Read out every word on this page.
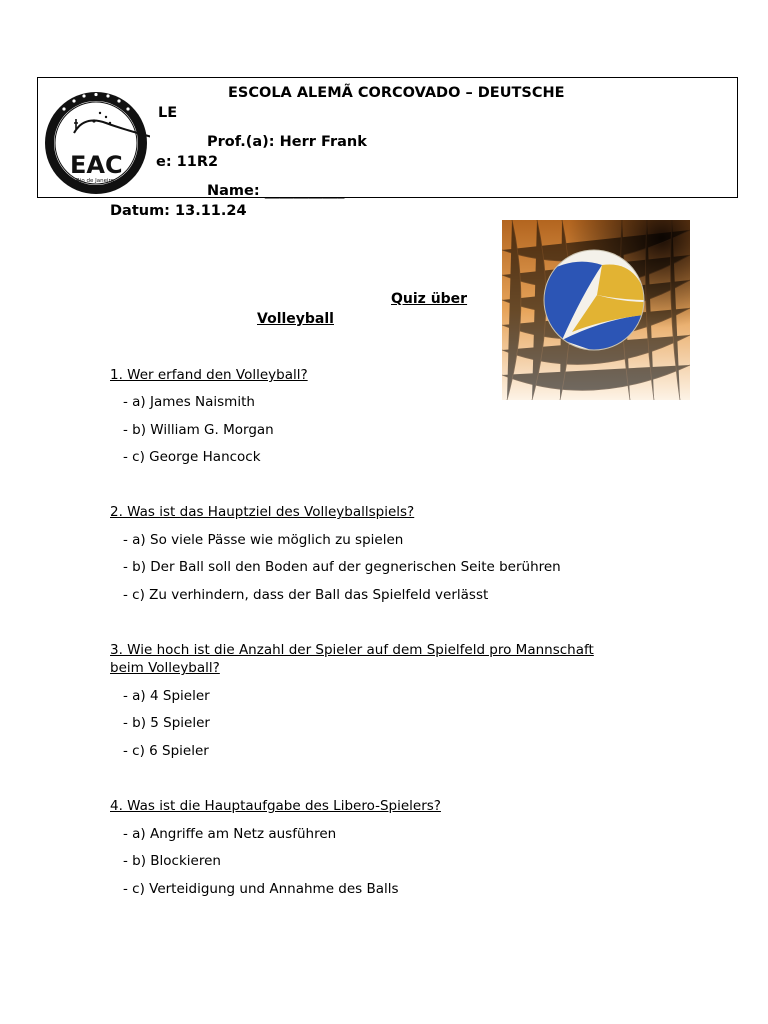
EAC
Rio de Janeiro
ESCOLA ALEMÃ CORCOVADO – DEUTSCHE
LE
Prof.(a): Herr Frank
e: 11R2
Name: ___________
Datum: 13.11.24
Quiz über
Volleyball
1. Wer erfand den Volleyball?
- a) James Naismith
- b) William G. Morgan
- c) George Hancock
2. Was ist das Hauptziel des Volleyballspiels?
- a) So viele Pässe wie möglich zu spielen
- b) Der Ball soll den Boden auf der gegnerischen Seite berühren
- c) Zu verhindern, dass der Ball das Spielfeld verlässt
3. Wie hoch ist die Anzahl der Spieler auf dem Spielfeld pro Mannschaft
beim Volleyball?
- a) 4 Spieler
- b) 5 Spieler
- c) 6 Spieler
4. Was ist die Hauptaufgabe des Libero-Spielers?
- a) Angriffe am Netz ausführen
- b) Blockieren
- c) Verteidigung und Annahme des Balls
